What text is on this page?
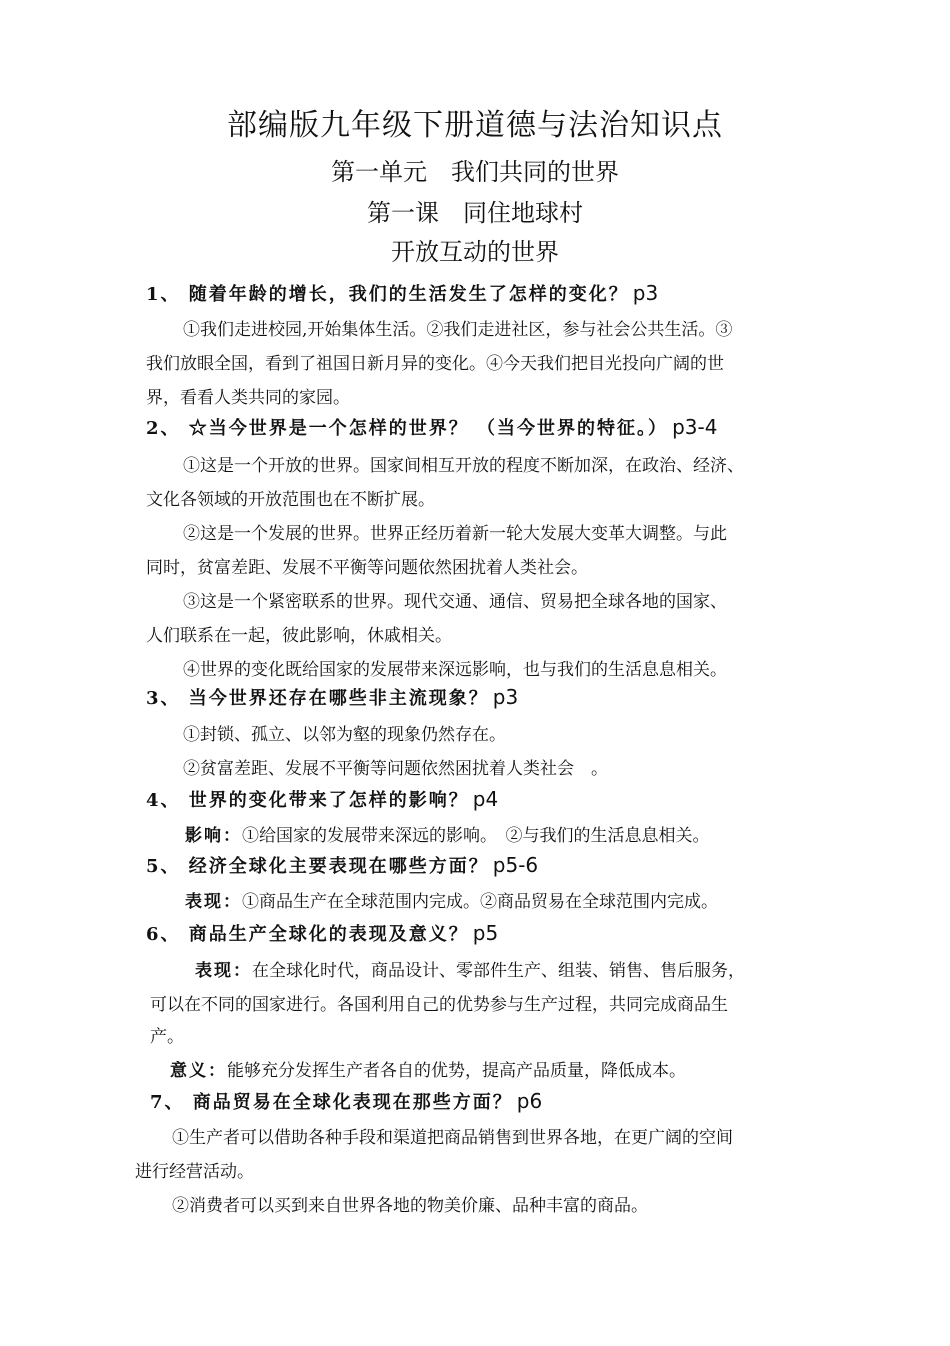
部编版九年级下册道德与法治知识点
第一单元　我们共同的世界
第一课　同住地球村
开放互动的世界
1、 随着年龄的增长，我们的生活发生了怎样的变化？ p3
①我们走进校园,开始集体生活。②我们走进社区，参与社会公共生活。③
我们放眼全国，看到了祖国日新月异的变化。④今天我们把目光投向广阔的世
界，看看人类共同的家园。
2、 ☆当今世界是一个怎样的世界？ （当今世界的特征。） p3-4
①这是一个开放的世界。国家间相互开放的程度不断加深，在政治、经济、
文化各领域的开放范围也在不断扩展。
②这是一个发展的世界。世界正经历着新一轮大发展大变革大调整。与此
同时，贫富差距、发展不平衡等问题依然困扰着人类社会。
③这是一个紧密联系的世界。现代交通、通信、贸易把全球各地的国家、
人们联系在一起，彼此影响，休戚相关。
④世界的变化既给国家的发展带来深远影响，也与我们的生活息息相关。
3、 当今世界还存在哪些非主流现象？ p3
①封锁、孤立、以邻为壑的现象仍然存在。
②贫富差距、发展不平衡等问题依然困扰着人类社会　。
4、 世界的变化带来了怎样的影响？ p4
影响：①给国家的发展带来深远的影响。　②与我们的生活息息相关。
5、 经济全球化主要表现在哪些方面？ p5-6
表现：①商品生产在全球范围内完成。②商品贸易在全球范围内完成。
6、 商品生产全球化的表现及意义？ p5
表现：在全球化时代，商品设计、零部件生产、组装、销售、售后服务，
可以在不同的国家进行。各国利用自己的优势参与生产过程，共同完成商品生
产。
意义：能够充分发挥生产者各自的优势，提高产品质量，降低成本。
7、 商品贸易在全球化表现在那些方面？ p6
①生产者可以借助各种手段和渠道把商品销售到世界各地，在更广阔的空间
进行经营活动。
②消费者可以买到来自世界各地的物美价廉、品种丰富的商品。
